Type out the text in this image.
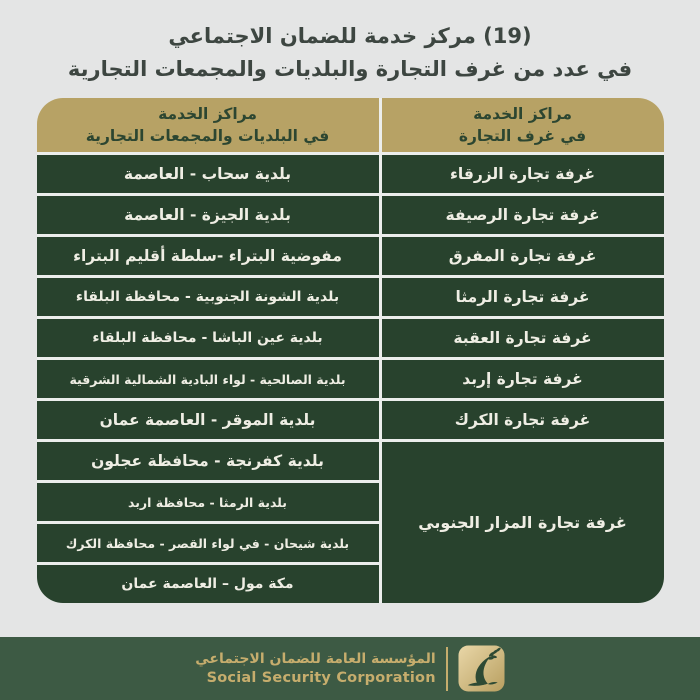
(19) مركز خدمة للضمان الاجتماعي
في عدد من غرف التجارة والبلديات والمجمعات التجارية
مراكز الخدمة
في غرف التجارة
مراكز الخدمة
في البلديات والمجمعات التجارية
غرفة تجارة الزرقاء
بلدية سحاب - العاصمة
غرفة تجارة الرصيفة
بلدية الجيزة - العاصمة
غرفة تجارة المفرق
مفوضية البتراء -سلطة أقليم البتراء
غرفة تجارة الرمثا
بلدية الشونة الجنوبية - محافظة البلقاء
غرفة تجارة العقبة
بلدية عين الباشا - محافظة البلقاء
غرفة تجارة إربد
بلدية الصالحية - لواء البادية الشمالية الشرقية
غرفة تجارة الكرك
بلدية الموقر - العاصمة عمان
غرفة تجارة المزار الجنوبي
بلدية كفرنجة - محافظة عجلون
بلدية الرمثا - محافظة اربد
بلدية شيحان - في لواء القصر - محافظة الكرك
مكة مول – العاصمة عمان
المؤسسة العامة للضمان الاجتماعي
Social Security Corporation
